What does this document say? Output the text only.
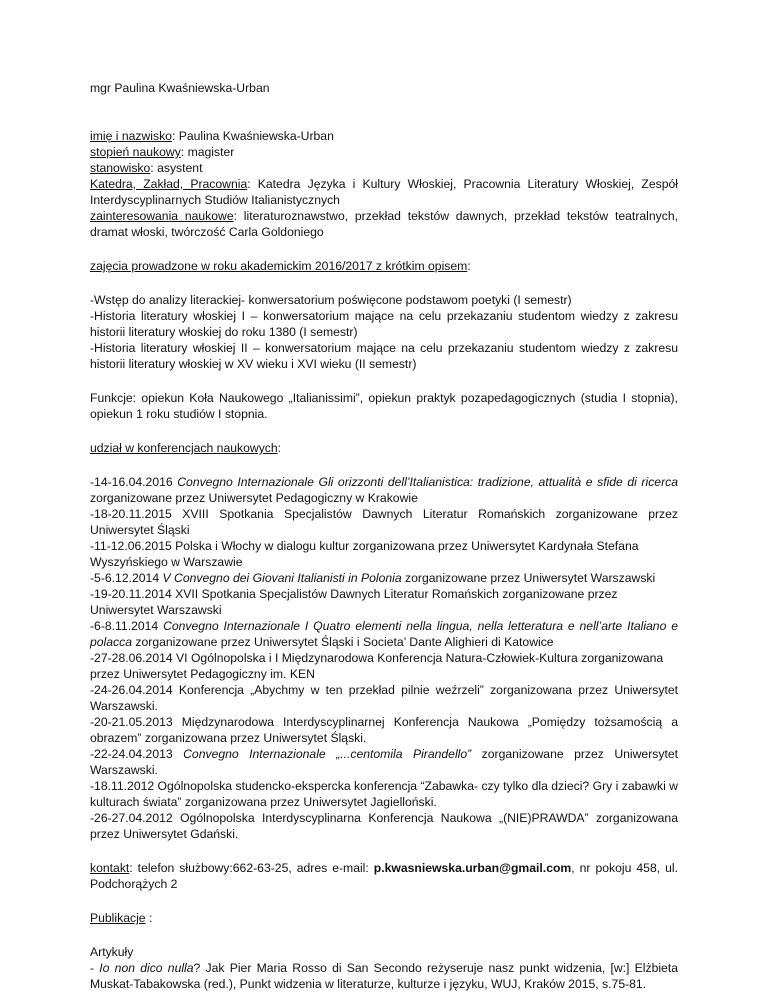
mgr Paulina Kwaśniewska-Urban

imię i nazwisko: Paulina Kwaśniewska-Urban

stopień naukowy: magister

stanowisko: asystent

Katedra, Zakład, Pracownia: Katedra Języka i Kultury Włoskiej, Pracownia Literatury Włoskiej, Zespół Interdyscyplinarnych Studiów Italianistycznych

zainteresowania naukowe: literaturoznawstwo, przekład tekstów dawnych, przekład tekstów teatralnych, dramat włoski, twórczość Carla Goldoniego

zajęcia prowadzone w roku akademickim 2016/2017 z krótkim opisem:

-Wstęp do analizy literackiej- konwersatorium poświęcone podstawom poetyki (I semestr)

-Historia literatury włoskiej I – konwersatorium mające na celu przekazaniu studentom wiedzy z zakresu historii literatury włoskiej do roku 1380 (I semestr)

-Historia literatury włoskiej II – konwersatorium mające na celu przekazaniu studentom wiedzy z zakresu historii literatury włoskiej w XV wieku i XVI wieku (II semestr)

Funkcje: opiekun Koła Naukowego „Italianissimi”, opiekun praktyk pozapedagogicznych (studia I stopnia), opiekun 1 roku studiów I stopnia.

udział w konferencjach naukowych:

-14-16.04.2016 Convegno Internazionale Gli orizzonti dell’Italianistica: tradizione, attualità e sfide di ricerca zorganizowane przez Uniwersytet Pedagogiczny w Krakowie

-18-20.11.2015 XVIII Spotkania Specjalistów Dawnych Literatur Romańskich zorganizowane przez Uniwersytet Śląski

-11-12.06.2015 Polska i Włochy w dialogu kultur zorganizowana przez Uniwersytet Kardynała Stefana Wyszyńskiego w Warszawie

-5-6.12.2014 V Convegno dei Giovani Italianisti in Polonia zorganizowane przez Uniwersytet Warszawski

-19-20.11.2014 XVII Spotkania Specjalistów Dawnych Literatur Romańskich zorganizowane przez Uniwersytet Warszawski

-6-8.11.2014 Convegno Internazionale I Quatro elementi nella lingua, nella letteratura e nell’arte Italiano e polacca zorganizowane przez Uniwersytet Śląski i Societa’ Dante Alighieri di Katowice

-27-28.06.2014 VI Ogólnopolska i I Międzynarodowa Konferencja Natura-Człowiek-Kultura zorganizowana przez Uniwersytet Pedagogiczny im. KEN

-24-26.04.2014 Konferencja „Abychmy w ten przekład pilnie weźrzeli” zorganizowana przez Uniwersytet Warszawski.

-20-21.05.2013 Międzynarodowa Interdyscyplinarnej Konferencja Naukowa „Pomiędzy tożsamością a obrazem” zorganizowana przez Uniwersytet Śląski.

-22-24.04.2013 Convegno Internazionale „...centomila Pirandello” zorganizowane przez Uniwersytet Warszawski.

-18.11.2012 Ogólnopolska studencko-ekspercka konferencja “Zabawka- czy tylko dla dzieci? Gry i zabawki w kulturach świata” zorganizowana przez Uniwersytet Jagielloński.

-26-27.04.2012 Ogólnopolska Interdyscyplinarna Konferencja Naukowa „(NIE)PRAWDA” zorganizowana przez Uniwersytet Gdański.

kontakt: telefon służbowy:662-63-25, adres e-mail: p.kwasniewska.urban@gmail.com, nr pokoju 458, ul. Podchorążych 2

Publikacje :

Artykuły

- Io non dico nulla? Jak Pier Maria Rosso di San Secondo reżyseruje nasz punkt widzenia, [w:] Elżbieta Muskat-Tabakowska (red.), Punkt widzenia w literaturze, kulturze i języku, WUJ, Kraków 2015, s.75-81.
